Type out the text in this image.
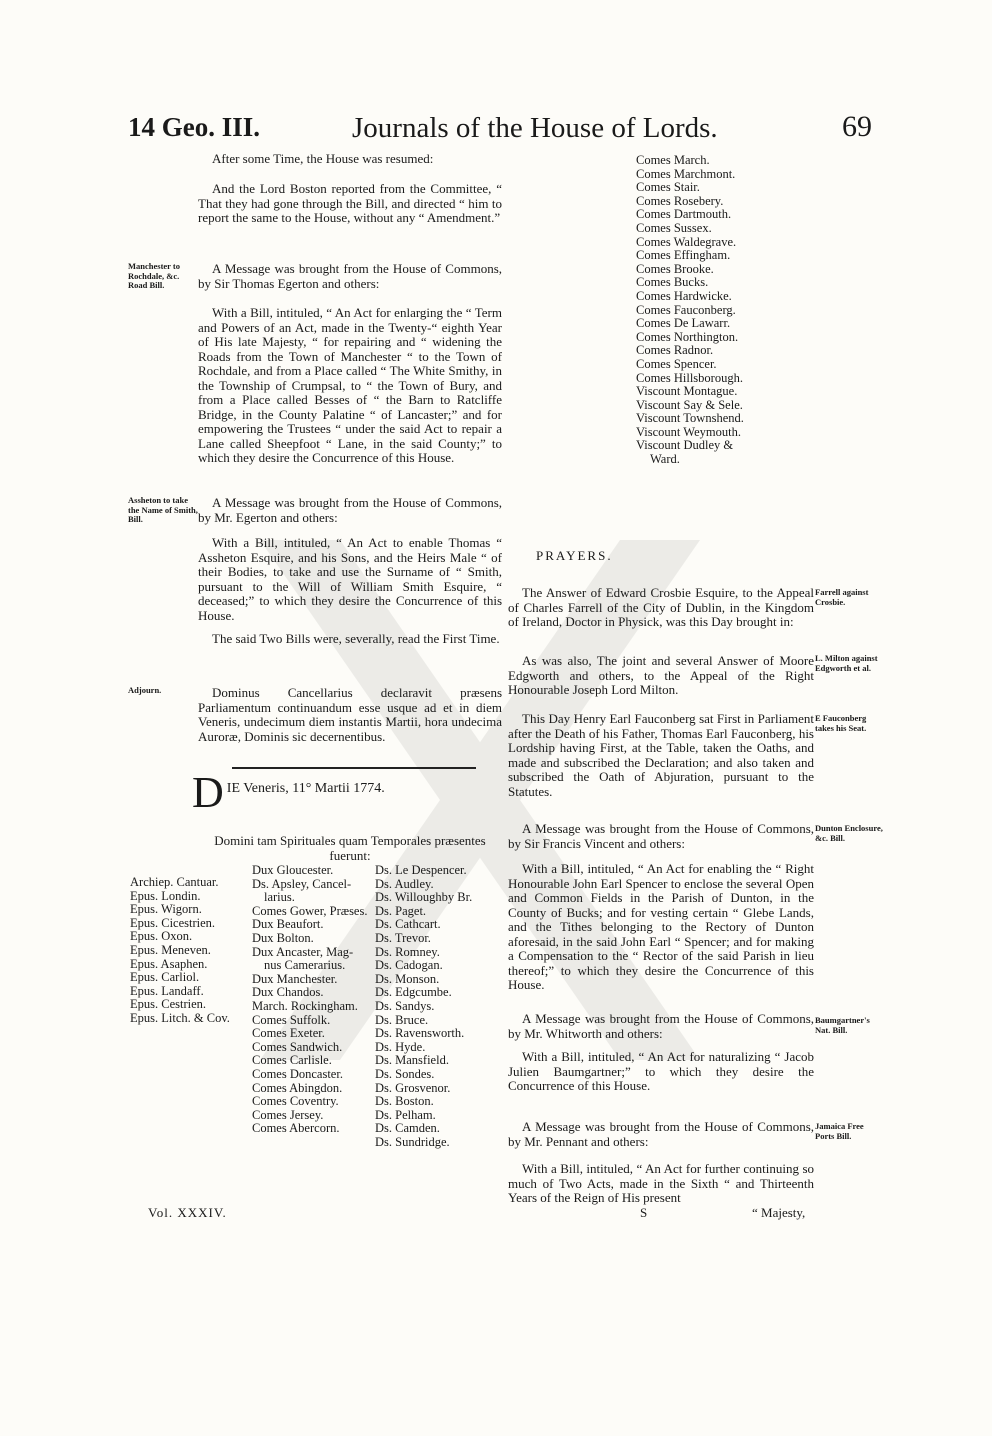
14 Geo. III.	Journals of the House of Lords.	69

After some Time, the House was resumed:

And the Lord Boston reported from the Committee, “ That they had gone through the Bill, and directed “ him to report the same to the House, without any “ Amendment.”

Manchester to Rochdale, &c. Road Bill.

A Message was brought from the House of Commons, by Sir Thomas Egerton and others:

With a Bill, intituled, “ An Act for enlarging the “ Term and Powers of an Act, made in the Twenty-“ eighth Year of His late Majesty, “ for repairing and “ widening the Roads from the Town of Manchester “ to the Town of Rochdale, and from a Place called “ The White Smithy, in the Township of Crumpsal, to “ the Town of Bury, and from a Place called Besses of “ the Barn to Ratcliffe Bridge, in the County Palatine “ of Lancaster;” and for empowering the Trustees “ under the said Act to repair a Lane called Sheepfoot “ Lane, in the said County;” to which they desire the Concurrence of this House.

Assheton to take the Name of Smith, Bill.

A Message was brought from the House of Commons, by Mr. Egerton and others:

With a Bill, intituled, “ An Act to enable Thomas “ Assheton Esquire, and his Sons, and the Heirs Male “ of their Bodies, to take and use the Surname of “ Smith, pursuant to the Will of William Smith Esquire, “ deceased;” to which they desire the Concurrence of this House.

The said Two Bills were, severally, read the First Time.

Adjourn.	Dominus Cancellarius declaravit præsens Parliamentum continuandum esse usque ad et in diem Veneris, undecimum diem instantis Martii, hora undecima Auroræ, Dominis sic decernentibus.

D IE Veneris, 11° Martii 1774.

Domini tam Spirituales quam Temporales præsentes fuerunt:

Archiep. Cantuar.
Epus. Londin.
Epus. Wigorn.
Epus. Cicestrien.
Epus. Oxon.
Epus. Meneven.
Epus. Asaphen.
Epus. Carliol.
Epus. Landaff.
Epus. Cestrien.
Epus. Litch. & Cov.
Dux Gloucester.
Ds. Apsley, Cancel-
larius.
Comes Gower, Præses.
Dux Beaufort.
Dux Bolton.
Dux Ancaster, Mag-
nus Camerarius.
Dux Manchester.
Dux Chandos.
March. Rockingham.
Comes Suffolk.
Comes Exeter.
Comes Sandwich.
Comes Carlisle.
Comes Doncaster.
Comes Abingdon.
Comes Coventry.
Comes Jersey.
Comes Abercorn.
Ds. Le Despencer.
Ds. Audley.
Ds. Willoughby Br.
Ds. Paget.
Ds. Cathcart.
Ds. Trevor.
Ds. Romney.
Ds. Cadogan.
Ds. Monson.
Ds. Edgcumbe.
Ds. Sandys.
Ds. Bruce.
Ds. Ravensworth.
Ds. Hyde.
Ds. Mansfield.
Ds. Sondes.
Ds. Grosvenor.
Ds. Boston.
Ds. Pelham.
Ds. Camden.
Ds. Sundridge.
Comes March.
Comes Marchmont.
Comes Stair.
Comes Rosebery.
Comes Dartmouth.
Comes Sussex.
Comes Waldegrave.
Comes Effingham.
Comes Brooke.
Comes Bucks.
Comes Hardwicke.
Comes Fauconberg.
Comes De Lawarr.
Comes Northington.
Comes Radnor.
Comes Spencer.
Comes Hillsborough.
Viscount Montague.
Viscount Say & Sele.
Viscount Townshend.
Viscount Weymouth.
Viscount Dudley &
Ward.
PRAYERS.

The Answer of Edward Crosbie Esquire, to the Appeal of Charles Farrell of the City of Dublin, in the Kingdom of Ireland, Doctor in Physick, was this Day brought in:

Farrell against Crosbie.

As was also, The joint and several Answer of Moore Edgworth and others, to the Appeal of the Right Honourable Joseph Lord Milton.

L. Milton against Edgworth et al.

This Day Henry Earl Fauconberg sat First in Parliament after the Death of his Father, Thomas Earl Fauconberg, his Lordship having First, at the Table, taken the Oaths, and made and subscribed the Declaration; and also taken and subscribed the Oath of Abjuration, pursuant to the Statutes.

E Fauconberg takes his Seat.

A Message was brought from the House of Commons, by Sir Francis Vincent and others:

Dunton Enclosure, &c. Bill.

With a Bill, intituled, “ An Act for enabling the “ Right Honourable John Earl Spencer to enclose the several Open and Common Fields in the Parish of Dunton, in the County of Bucks; and for vesting certain “ Glebe Lands, and the Tithes belonging to the Rectory of Dunton aforesaid, in the said John Earl “ Spencer; and for making a Compensation to the “ Rector of the said Parish in lieu thereof;” to which they desire the Concurrence of this House.

A Message was brought from the House of Commons, by Mr. Whitworth and others:

Baumgartner's Nat. Bill.

With a Bill, intituled, “ An Act for naturalizing “ Jacob Julien Baumgartner;” to which they desire the Concurrence of this House.

A Message was brought from the House of Commons, by Mr. Pennant and others:

Jamaica Free Ports Bill.

With a Bill, intituled, “ An Act for further continuing so much of Two Acts, made in the Sixth “ and Thirteenth Years of the Reign of His present

S	“ Majesty,
Vol. XXXIV.
